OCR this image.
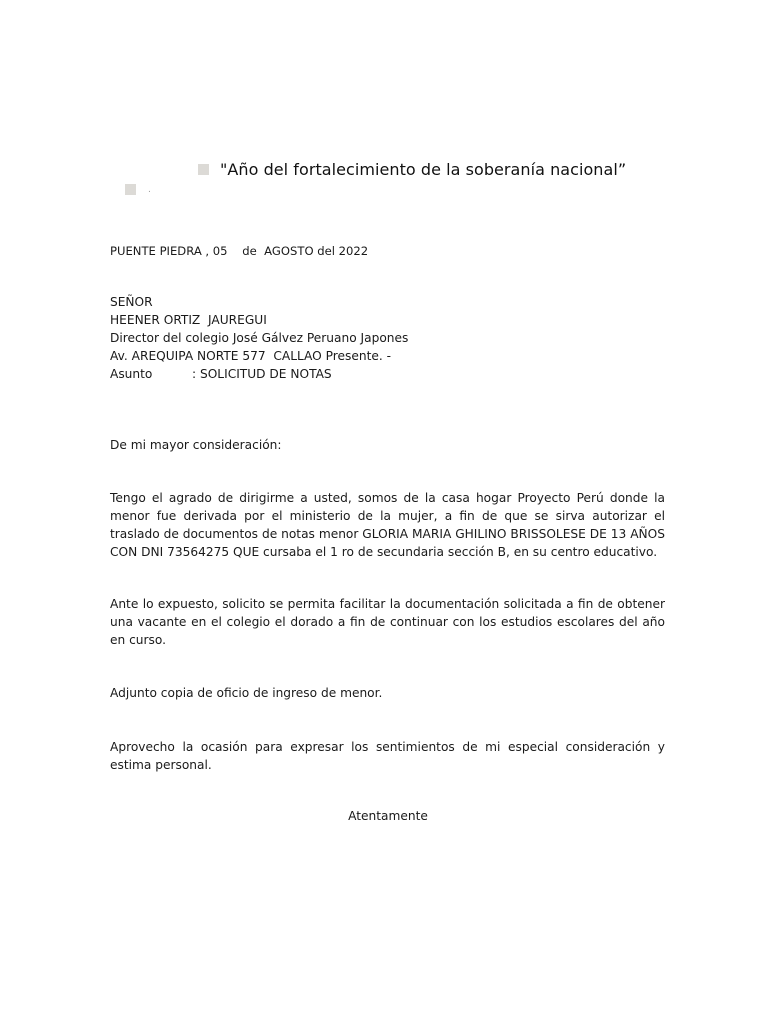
"Año del fortalecimiento de la soberanía nacional”
.
PUENTE PIEDRA , 05    de  AGOSTO del 2022
SEÑOR
HEENER ORTIZ  JAUREGUI
Director del colegio José Gálvez Peruano Japones
Av. AREQUIPA NORTE 577  CALLAO Presente. -
Asunto	: SOLICITUD DE NOTAS
De mi mayor consideración:
Tengo el agrado de dirigirme a usted, somos de la casa hogar Proyecto Perú donde la menor fue derivada por el ministerio de la mujer, a fin de que se sirva autorizar el traslado de documentos de notas menor GLORIA MARIA GHILINO BRISSOLESE DE 13 AÑOS CON DNI 73564275 QUE cursaba el 1 ro de secundaria sección B, en su centro educativo.
Ante lo expuesto, solicito se permita facilitar la documentación solicitada a fin de obtener una vacante en el colegio el dorado a fin de continuar con los estudios escolares del año en curso.
Adjunto copia de oficio de ingreso de menor.
Aprovecho la ocasión para expresar los sentimientos de mi especial consideración y estima personal.
Atentamente
